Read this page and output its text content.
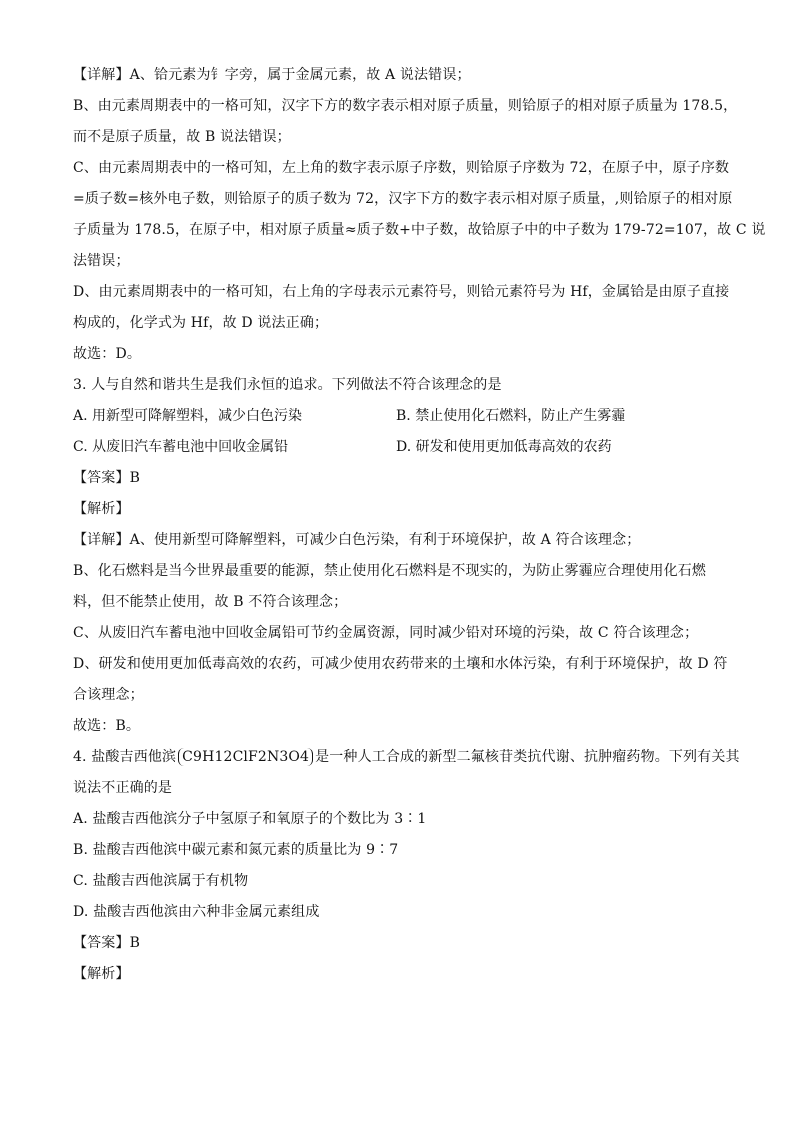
【详解】A、铪元素为钅字旁，属于金属元素，故 A 说法错误；
B、由元素周期表中的一格可知，汉字下方的数字表示相对原子质量，则铪原子的相对原子质量为 178.5，
而不是原子质量，故 B 说法错误；
C、由元素周期表中的一格可知，左上角的数字表示原子序数，则铪原子序数为 72，在原子中，原子序数
=质子数=核外电子数，则铪原子的质子数为 72，汉字下方的数字表示相对原子质量，,则铪原子的相对原
子质量为 178.5，在原子中，相对原子质量≈质子数+中子数，故铪原子中的中子数为 179-72=107，故 C 说
法错误；
D、由元素周期表中的一格可知，右上角的字母表示元素符号，则铪元素符号为 Hf，金属铪是由原子直接
构成的，化学式为 Hf，故 D 说法正确；
故选：D。
3. 人与自然和谐共生是我们永恒的追求。下列做法不符合该理念的是
A. 用新型可降解塑料，减少白色污染	B. 禁止使用化石燃料，防止产生雾霾
C. 从废旧汽车蓄电池中回收金属铅	D. 研发和使用更加低毒高效的农药
【答案】B
【解析】
【详解】A、使用新型可降解塑料，可减少白色污染，有利于环境保护，故 A 符合该理念；
B、化石燃料是当今世界最重要的能源，禁止使用化石燃料是不现实的，为防止雾霾应合理使用化石燃
料，但不能禁止使用，故 B 不符合该理念；
C、从废旧汽车蓄电池中回收金属铅可节约金属资源，同时减少铅对环境的污染，故 C 符合该理念；
D、研发和使用更加低毒高效的农药，可减少使用农药带来的土壤和水体污染，有利于环境保护，故 D 符
合该理念；
故选：B。
4. 盐酸吉西他滨 C9H12ClF2N3O4 是一种人工合成的新型二氟核苷类抗代谢、抗肿瘤药物。下列有关其
说法不正确的是
A. 盐酸吉西他滨分子中氢原子和氧原子的个数比为 3∶1
B. 盐酸吉西他滨中碳元素和氮元素的质量比为 9∶7
C. 盐酸吉西他滨属于有机物
D. 盐酸吉西他滨由六种非金属元素组成
【答案】B
【解析】
